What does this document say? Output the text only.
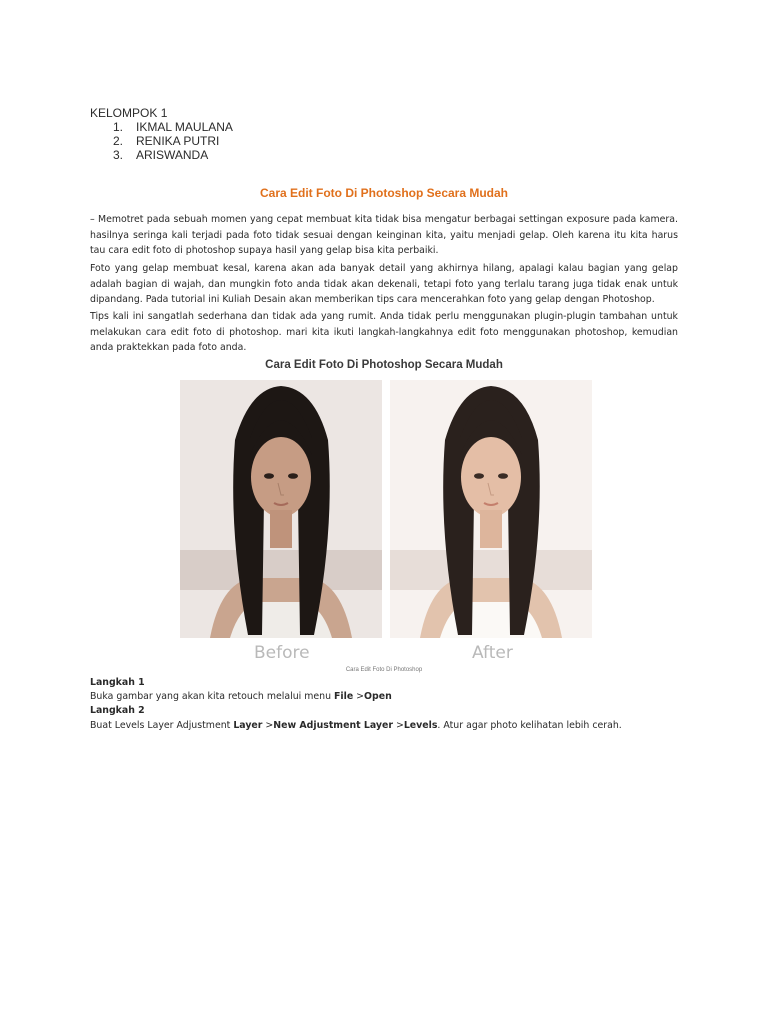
KELOMPOK 1
1.	IKMAL MAULANA
2.	RENIKA PUTRI
3.	ARISWANDA
Cara Edit Foto Di Photoshop Secara Mudah

– Memotret pada sebuah momen yang cepat membuat kita tidak bisa mengatur berbagai settingan exposure pada kamera. hasilnya seringa kali terjadi pada foto tidak sesuai dengan keinginan kita, yaitu menjadi gelap. Oleh karena itu kita harus tau cara edit foto di photoshop supaya hasil yang gelap bisa kita perbaiki.

Foto yang gelap membuat kesal, karena akan ada banyak detail yang akhirnya hilang, apalagi kalau bagian yang gelap adalah bagian di wajah, dan mungkin foto anda tidak akan dekenali, tetapi foto yang terlalu tarang juga tidak enak untuk dipandang. Pada tutorial ini Kuliah Desain akan memberikan tips cara mencerahkan foto yang gelap dengan Photoshop.

Tips kali ini sangatlah sederhana dan tidak ada yang rumit. Anda tidak perlu menggunakan plugin-plugin tambahan untuk melakukan cara edit foto di photoshop. mari kita ikuti langkah-langkahnya edit foto menggunakan photoshop, kemudian anda praktekkan pada foto anda.

Cara Edit Foto Di Photoshop Secara Mudah
Before	After
Cara Edit Foto Di Photoshop
Langkah 1
Buka gambar yang akan kita retouch melalui menu File >Open
Langkah 2
Buat Levels Layer Adjustment Layer >New Adjustment Layer >Levels. Atur agar photo kelihatan lebih cerah.
